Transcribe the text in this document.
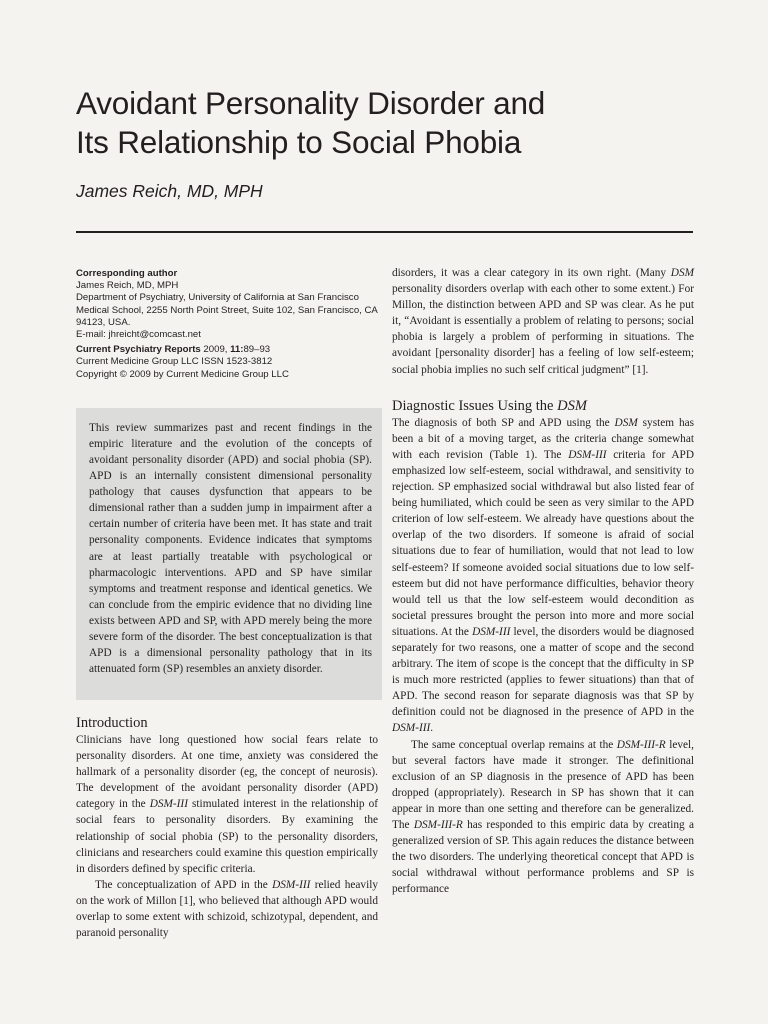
Avoidant Personality Disorder and
Its Relationship to Social Phobia
James Reich, MD, MPH
Corresponding author
James Reich, MD, MPH
Department of Psychiatry, University of California at San Francisco Medical School, 2255 North Point Street, Suite 102, San Francisco, CA 94123, USA.
E-mail: jhreicht@comcast.net
Current Psychiatry Reports 2009, 11:89–93
Current Medicine Group LLC ISSN 1523-3812
Copyright © 2009 by Current Medicine Group LLC

This review summarizes past and recent findings in the empiric literature and the evolution of the concepts of avoidant personality disorder (APD) and social phobia (SP). APD is an internally consistent dimensional personality pathology that causes dysfunction that appears to be dimensional rather than a sudden jump in impairment after a certain number of criteria have been met. It has state and trait personality components. Evidence indicates that symptoms are at least partially treatable with psychological or pharmacologic interventions. APD and SP have similar symptoms and treatment response and identical genetics. We can conclude from the empiric evidence that no dividing line exists between APD and SP, with APD merely being the more severe form of the disorder. The best conceptualization is that APD is a dimensional personality pathology that in its attenuated form (SP) resembles an anxiety disorder.

Introduction

Clinicians have long questioned how social fears relate to personality disorders. At one time, anxiety was considered the hallmark of a personality disorder (eg, the concept of neurosis). The development of the avoidant personality disorder (APD) category in the DSM-III stimulated interest in the relationship of social fears to personality disorders. By examining the relationship of social phobia (SP) to the personality disorders, clinicians and researchers could examine this question empirically in disorders defined by specific criteria.

The conceptualization of APD in the DSM-III relied heavily on the work of Millon [1], who believed that although APD would overlap to some extent with schizoid, schizotypal, dependent, and paranoid personality

disorders, it was a clear category in its own right. (Many DSM personality disorders overlap with each other to some extent.) For Millon, the distinction between APD and SP was clear. As he put it, “Avoidant is essentially a problem of relating to persons; social phobia is largely a problem of performing in situations. The avoidant [personality disorder] has a feeling of low self-esteem; social phobia implies no such self critical judgment” [1].

Diagnostic Issues Using the DSM

The diagnosis of both SP and APD using the DSM system has been a bit of a moving target, as the criteria change somewhat with each revision (Table 1). The DSM-III criteria for APD emphasized low self-esteem, social withdrawal, and sensitivity to rejection. SP emphasized social withdrawal but also listed fear of being humiliated, which could be seen as very similar to the APD criterion of low self-esteem. We already have questions about the overlap of the two disorders. If someone is afraid of social situations due to fear of humiliation, would that not lead to low self-esteem? If someone avoided social situations due to low self-esteem but did not have performance difficulties, behavior theory would tell us that the low self-esteem would decondition as societal pressures brought the person into more and more social situations. At the DSM-III level, the disorders would be diagnosed separately for two reasons, one a matter of scope and the second arbitrary. The item of scope is the concept that the difficulty in SP is much more restricted (applies to fewer situations) than that of APD. The second reason for separate diagnosis was that SP by definition could not be diagnosed in the presence of APD in the DSM-III.

The same conceptual overlap remains at the DSM-III-R level, but several factors have made it stronger. The definitional exclusion of an SP diagnosis in the presence of APD has been dropped (appropriately). Research in SP has shown that it can appear in more than one setting and therefore can be generalized. The DSM-III-R has responded to this empiric data by creating a generalized version of SP. This again reduces the distance between the two disorders. The underlying theoretical concept that APD is social withdrawal without performance problems and SP is performance
